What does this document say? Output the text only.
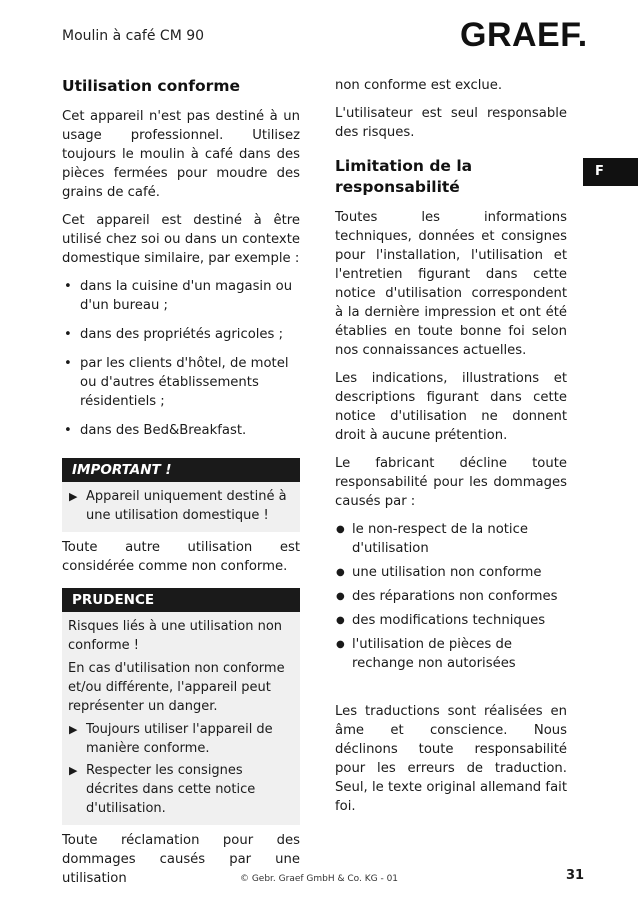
Moulin à café CM 90	GRAEF.
F
Utilisation conforme

Cet appareil n'est pas destiné à un usage professionnel. Utilisez toujours le moulin à café dans des pièces fermées pour moudre des grains de café.

Cet appareil est destiné à être utilisé chez soi ou dans un contexte domestique similaire, par exemple :

• dans la cuisine d'un magasin ou d'un bureau ;
• dans des propriétés agricoles ;
• par les clients d'hôtel, de motel ou d'autres établissements résidentiels ;
• dans des Bed&Breakfast.
IMPORTANT !
▶ Appareil uniquement destiné à une utilisation domestique !

Toute autre utilisation est considérée comme non conforme.

PRUDENCE

Risques liés à une utilisation non conforme !

En cas d'utilisation non conforme et/ou différente, l'appareil peut représenter un danger.

▶ Toujours utiliser l'appareil de manière conforme.
▶ Respecter les consignes décrites dans cette notice d'utilisation.

Toute réclamation pour des dommages causés par une utilisation

non conforme est exclue.

L'utilisateur est seul responsable des risques.

Limitation de la responsabilité

Toutes les informations techniques, données et consignes pour l'installation, l'utilisation et l'entretien figurant dans cette notice d'utilisation correspondent à la dernière impression et ont été établies en toute bonne foi selon nos connaissances actuelles.

Les indications, illustrations et descriptions figurant dans cette notice d'utilisation ne donnent droit à aucune prétention.

Le fabricant décline toute responsabilité pour les dommages causés par :

● le non-respect de la notice d'utilisation
● une utilisation non conforme
● des réparations non conformes
● des modifications techniques
● l'utilisation de pièces de rechange non autorisées

Les traductions sont réalisées en âme et conscience. Nous déclinons toute responsabilité pour les erreurs de traduction. Seul, le texte original allemand fait foi.

© Gebr. Graef GmbH & Co. KG - 01	31
